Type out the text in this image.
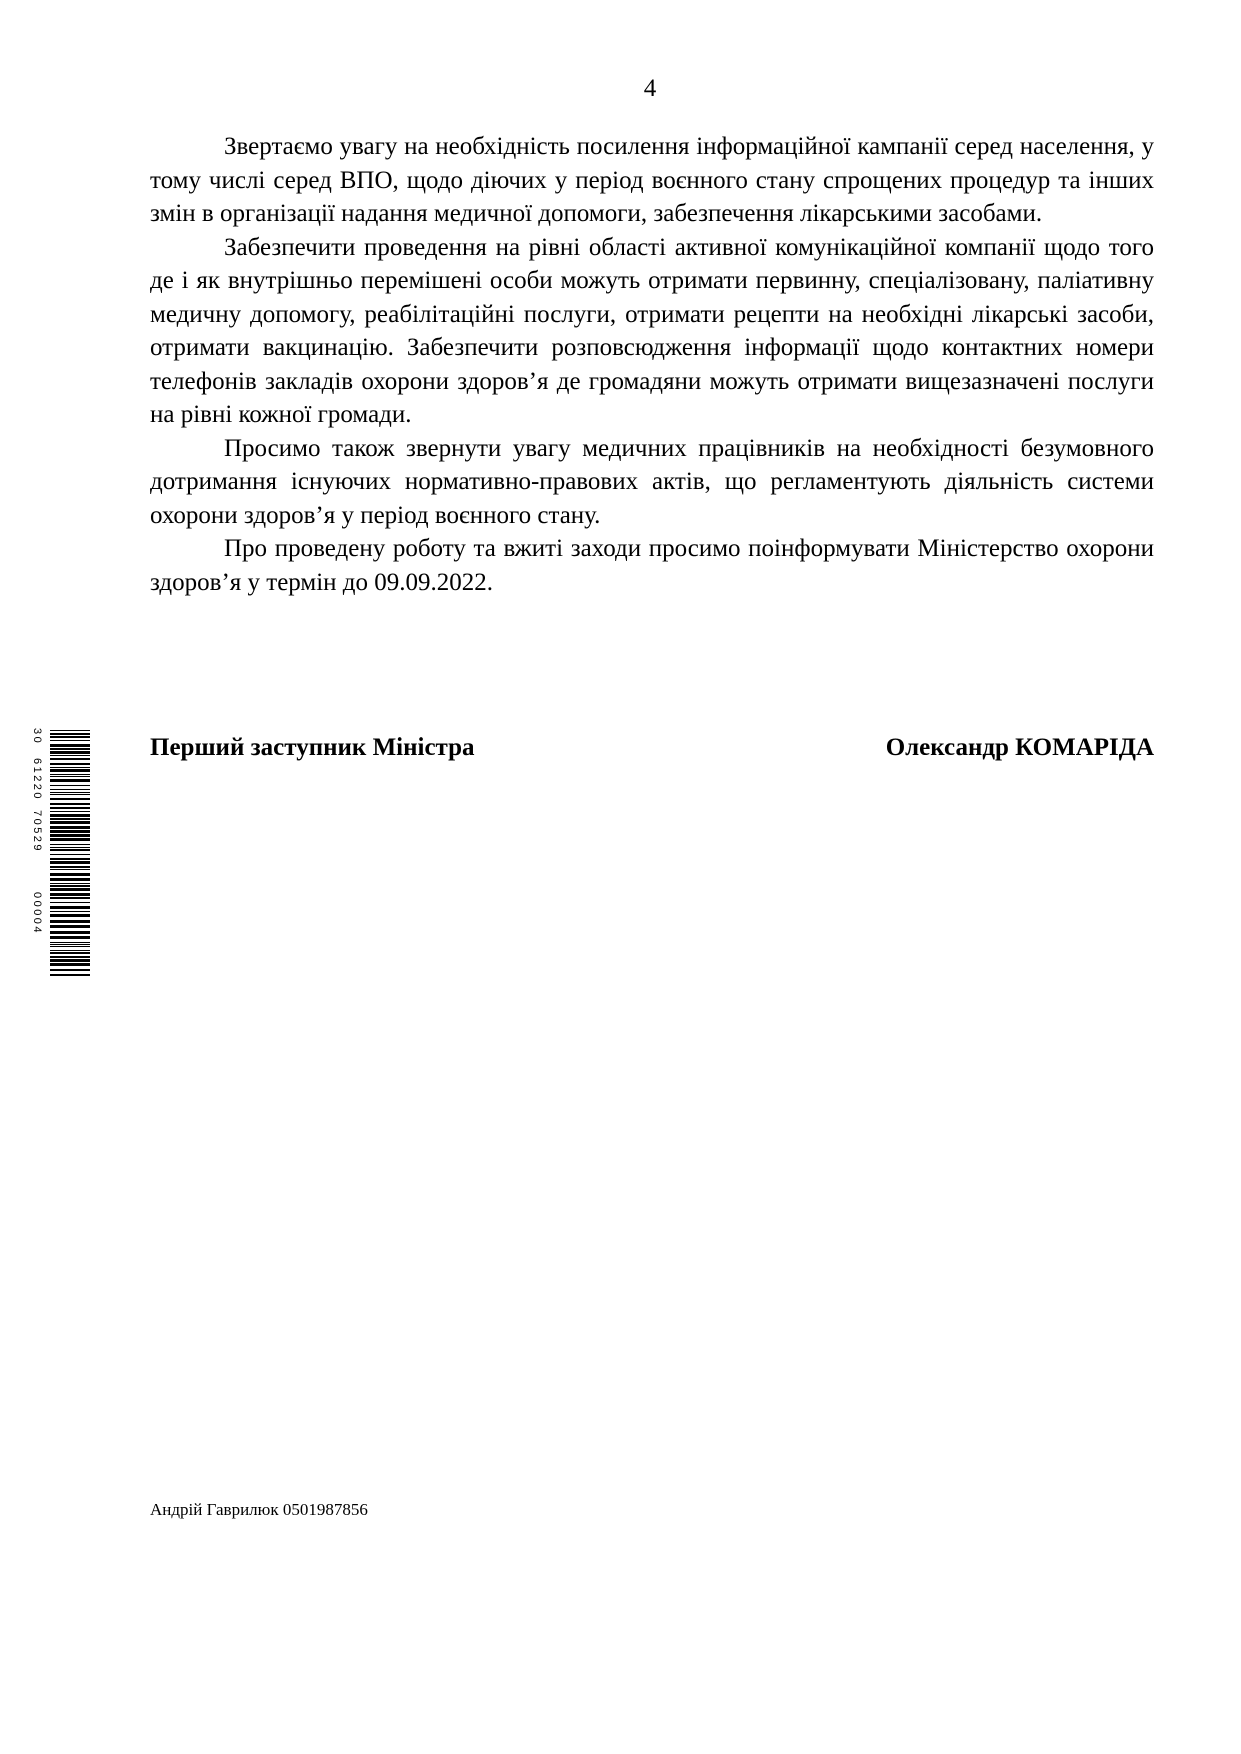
4

Звертаємо увагу на необхідність посилення інформаційної кампанії серед населення, у тому числі серед ВПО, щодо діючих у період воєнного стану спрощених процедур та інших змін в організації надання медичної допомоги, забезпечення лікарськими засобами.

Забезпечити проведення на рівні області активної комунікаційної компанії щодо того де і як внутрішньо перемішені особи можуть отримати первинну, спеціалізовану, паліативну медичну допомогу, реабілітаційні послуги, отримати рецепти на необхідні лікарські засоби, отримати вакцинацію. Забезпечити розповсюдження інформації щодо контактних номери телефонів закладів охорони здоров’я де громадяни можуть отримати вищезазначені послуги на рівні кожної громади.

Просимо також звернути увагу медичних працівників на необхідності безумовного дотримання існуючих нормативно-правових актів, що регламентують діяльність системи охорони здоров’я у період воєнного стану.

Про проведену роботу та вжиті заходи просимо поінформувати Міністерство охорони здоров’я у термін до 09.09.2022.

Перший заступник Міністра	Олександр КОМАРІДА
Андрій Гаврилюк 0501987856
3
0
6
1
2
2
0
7
0
5
2
9
0
0
0
0
4
